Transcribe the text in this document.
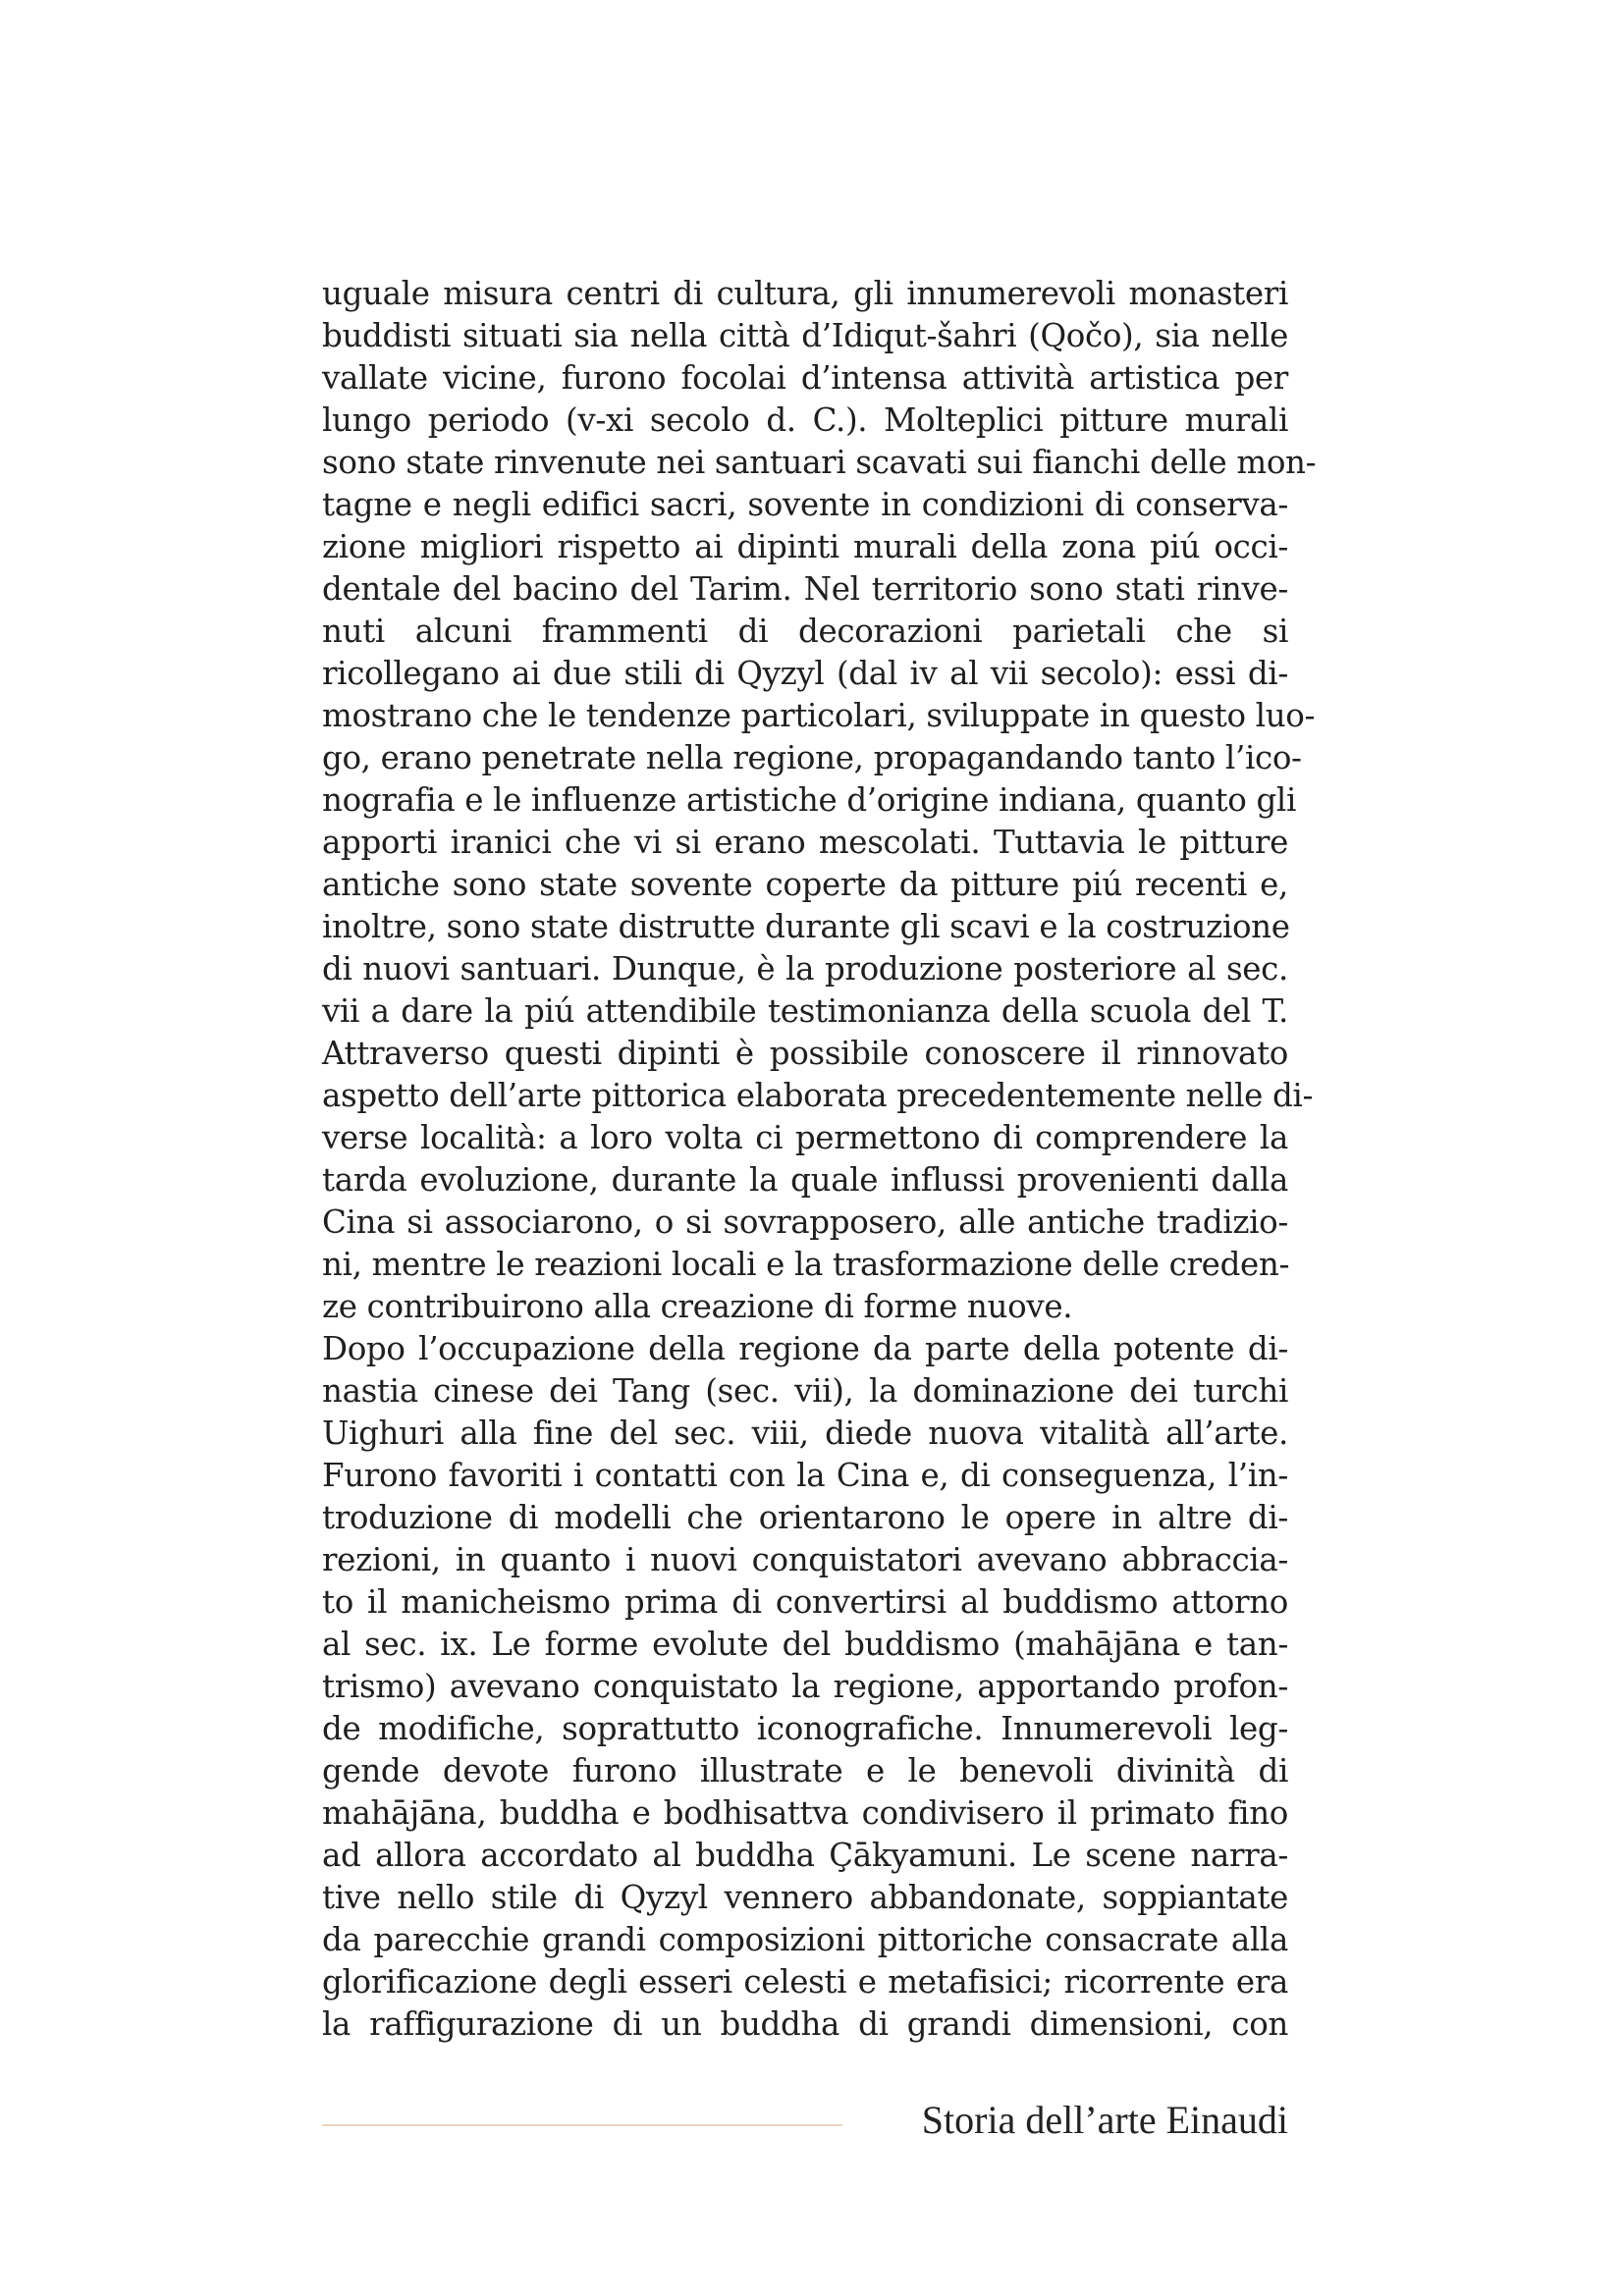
uguale misura centri di cultura, gli innumerevoli monasteri
buddisti situati sia nella città d’Idiqut-šahri (Qočo), sia nelle
vallate vicine, furono focolai d’intensa attività artistica per
lungo periodo (v-xi secolo d. C.). Molteplici pitture murali
sono state rinvenute nei santuari scavati sui fianchi delle mon-
tagne e negli edifici sacri, sovente in condizioni di conserva-
zione migliori rispetto ai dipinti murali della zona piú occi-
dentale del bacino del Tarim. Nel territorio sono stati rinve-
nuti alcuni frammenti di decorazioni parietali che si
ricollegano ai due stili di Qyzyl (dal iv al vii secolo): essi di-
mostrano che le tendenze particolari, sviluppate in questo luo-
go, erano penetrate nella regione, propagandando tanto l’ico-
nografia e le influenze artistiche d’origine indiana, quanto gli
apporti iranici che vi si erano mescolati. Tuttavia le pitture
antiche sono state sovente coperte da pitture piú recenti e,
inoltre, sono state distrutte durante gli scavi e la costruzione
di nuovi santuari. Dunque, è la produzione posteriore al sec.
vii a dare la piú attendibile testimonianza della scuola del T.
Attraverso questi dipinti è possibile conoscere il rinnovato
aspetto dell’arte pittorica elaborata precedentemente nelle di-
verse località: a loro volta ci permettono di comprendere la
tarda evoluzione, durante la quale influssi provenienti dalla
Cina si associarono, o si sovrapposero, alle antiche tradizio-
ni, mentre le reazioni locali e la trasformazione delle creden-
ze contribuirono alla creazione di forme nuove.
Dopo l’occupazione della regione da parte della potente di-
nastia cinese dei Tang (sec. vii), la dominazione dei turchi
Uighuri alla fine del sec. viii, diede nuova vitalità all’arte.
Furono favoriti i contatti con la Cina e, di conseguenza, l’in-
troduzione di modelli che orientarono le opere in altre di-
rezioni, in quanto i nuovi conquistatori avevano abbraccia-
to il manicheismo prima di convertirsi al buddismo attorno
al sec. ix. Le forme evolute del buddismo (mahājāna e tan-
trismo) avevano conquistato la regione, apportando profon-
de modifiche, soprattutto iconografiche. Innumerevoli leg-
gende devote furono illustrate e le benevoli divinità di
mahājāna, buddha e bodhisattva condivisero il primato fino
ad allora accordato al buddha Çākyamuni. Le scene narra-
tive nello stile di Qyzyl vennero abbandonate, soppiantate
da parecchie grandi composizioni pittoriche consacrate alla
glorificazione degli esseri celesti e metafisici; ricorrente era
la raffigurazione di un buddha di grandi dimensioni, con
Storia dell’arte Einaudi
